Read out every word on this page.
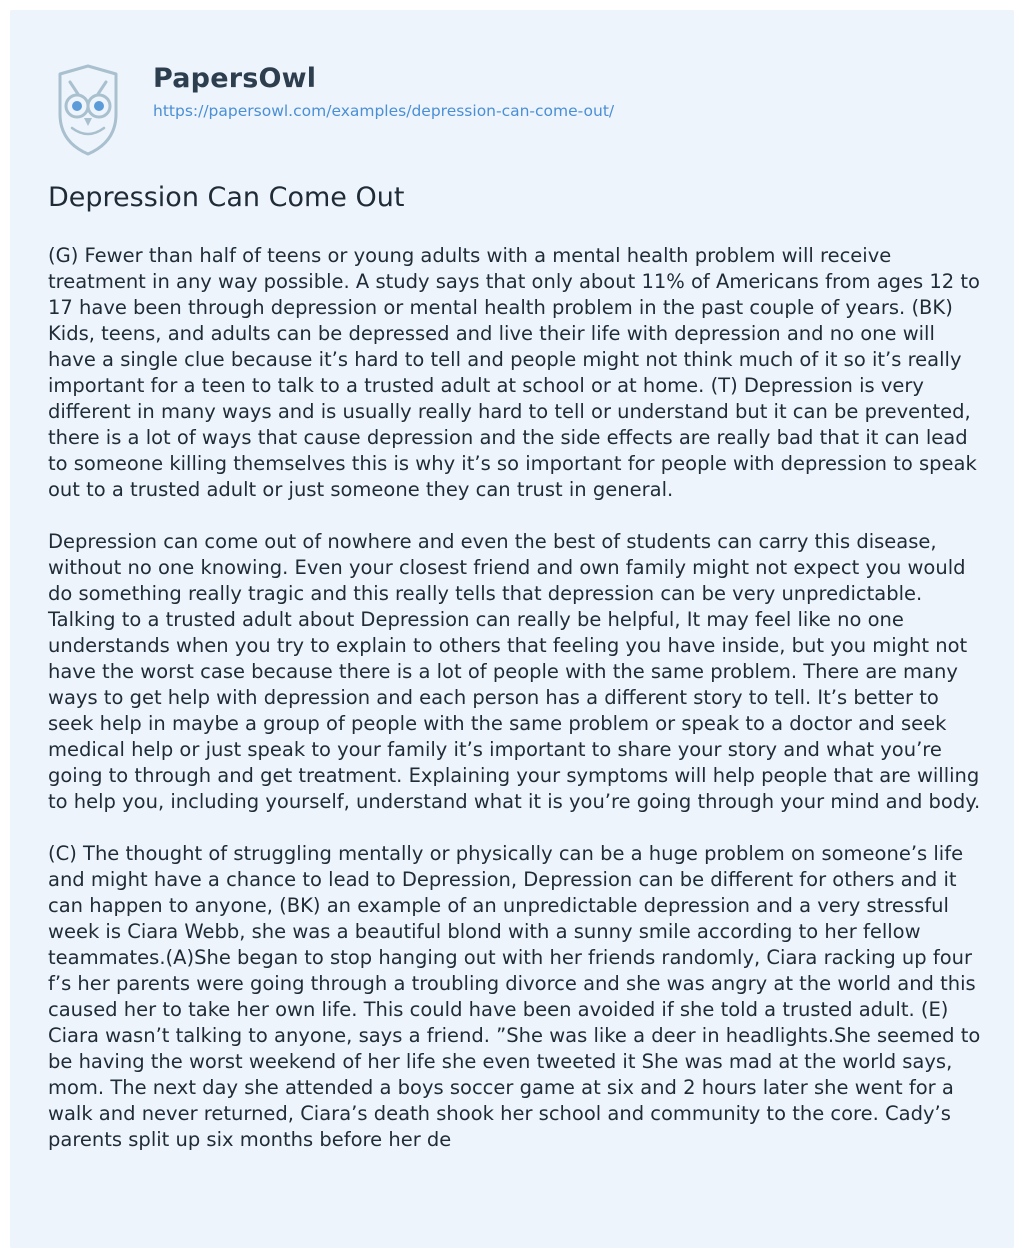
PapersOwl
https://papersowl.com/examples/depression-can-come-out/
Depression Can Come Out

(G) Fewer than half of teens or young adults with a mental health problem will receive treatment in any way possible. A study says that only about 11% of Americans from ages 12 to 17 have been through depression or mental health problem in the past couple of years. (BK) Kids, teens, and adults can be depressed and live their life with depression and no one will have a single clue because it’s hard to tell and people might not think much of it so it’s really important for a teen to talk to a trusted adult at school or at home. (T) Depression is very different in many ways and is usually really hard to tell or understand but it can be prevented, there is a lot of ways that cause depression and the side effects are really bad that it can lead to someone killing themselves this is why it’s so important for people with depression to speak out to a trusted adult or just someone they can trust in general.

Depression can come out of nowhere and even the best of students can carry this disease, without no one knowing. Even your closest friend and own family might not expect you would do something really tragic and this really tells that depression can be very unpredictable. Talking to a trusted adult about Depression can really be helpful, It may feel like no one understands when you try to explain to others that feeling you have inside, but you might not have the worst case because there is a lot of people with the same problem. There are many ways to get help with depression and each person has a different story to tell. It’s better to seek help in maybe a group of people with the same problem or speak to a doctor and seek medical help or just speak to your family it’s important to share your story and what you’re going to through and get treatment. Explaining your symptoms will help people that are willing to help you, including yourself, understand what it is you’re going through your mind and body.

(C) The thought of struggling mentally or physically can be a huge problem on someone’s life and might have a chance to lead to Depression, Depression can be different for others and it can happen to anyone, (BK) an example of an unpredictable depression and a very stressful week is Ciara Webb, she was a beautiful blond with a sunny smile according to her fellow teammates.(A)She began to stop hanging out with her friends randomly, Ciara racking up four f’s her parents were going through a troubling divorce and she was angry at the world and this caused her to take her own life. This could have been avoided if she told a trusted adult. (E) Ciara wasn’t talking to anyone, says a friend. ”She was like a deer in headlights.She seemed to be having the worst weekend of her life she even tweeted it She was mad at the world says, mom. The next day she attended a boys soccer game at six and 2 hours later she went for a walk and never returned, Ciara’s death shook her school and community to the core. Cady’s parents split up six months before her de
